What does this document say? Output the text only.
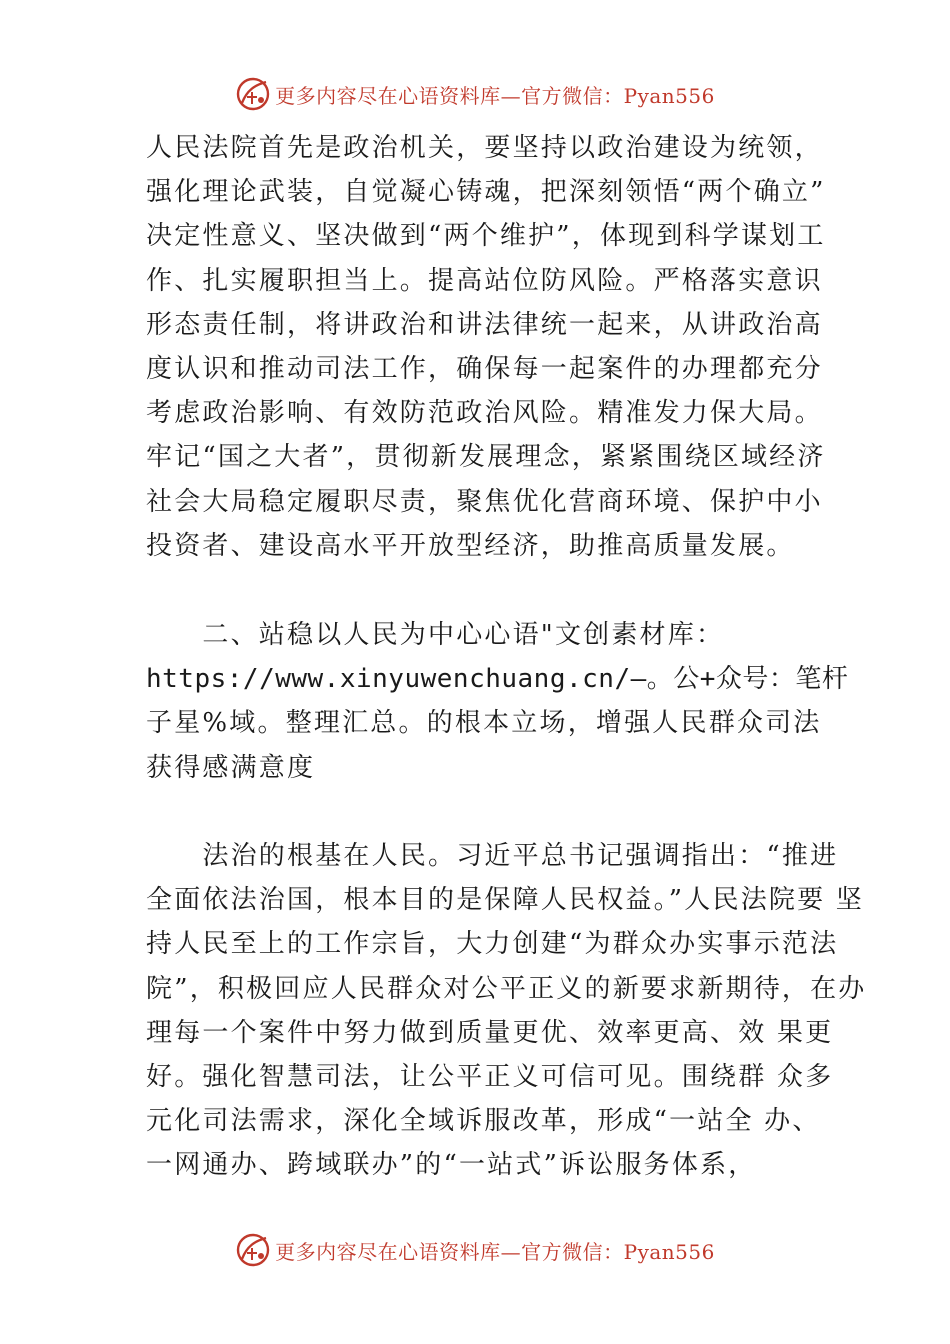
更多内容尽在心语资料库—官方微信：Pyan556
人民法院首先是政治机关，要坚持以政治建设为统领，
强化理论武装，自觉凝心铸魂，把深刻领悟“两个确立”
决定性意义、坚决做到“两个维护”，体现到科学谋划工
作、扎实履职担当上。提高站位防风险。严格落实意识
形态责任制，将讲政治和讲法律统一起来，从讲政治高
度认识和推动司法工作，确保每一起案件的办理都充分
考虑政治影响、有效防范政治风险。精准发力保大局。
牢记“国之大者”，贯彻新发展理念，紧紧围绕区域经济
社会大局稳定履职尽责，聚焦优化营商环境、保护中小
投资者、建设高水平开放型经济，助推高质量发展。
　　二、站稳以人民为中心心语"文创素材库：
https://www.xinyuwenchuang.cn/—。公+众号：笔杆
子星%域。整理汇总。的根本立场，增强人民群众司法
获得感满意度
　　法治的根基在人民。习近平总书记强调指出：“推进
全面依法治国，根本目的是保障人民权益。”人民法院要 坚
持人民至上的工作宗旨，大力创建“为群众办实事示范法
院”，积极回应人民群众对公平正义的新要求新期待，在办
理每一个案件中努力做到质量更优、效率更高、效 果更
好。强化智慧司法，让公平正义可信可见。围绕群 众多
元化司法需求，深化全域诉服改革，形成“一站全 办、
一网通办、跨域联办”的“一站式”诉讼服务体系，
更多内容尽在心语资料库—官方微信：Pyan556
